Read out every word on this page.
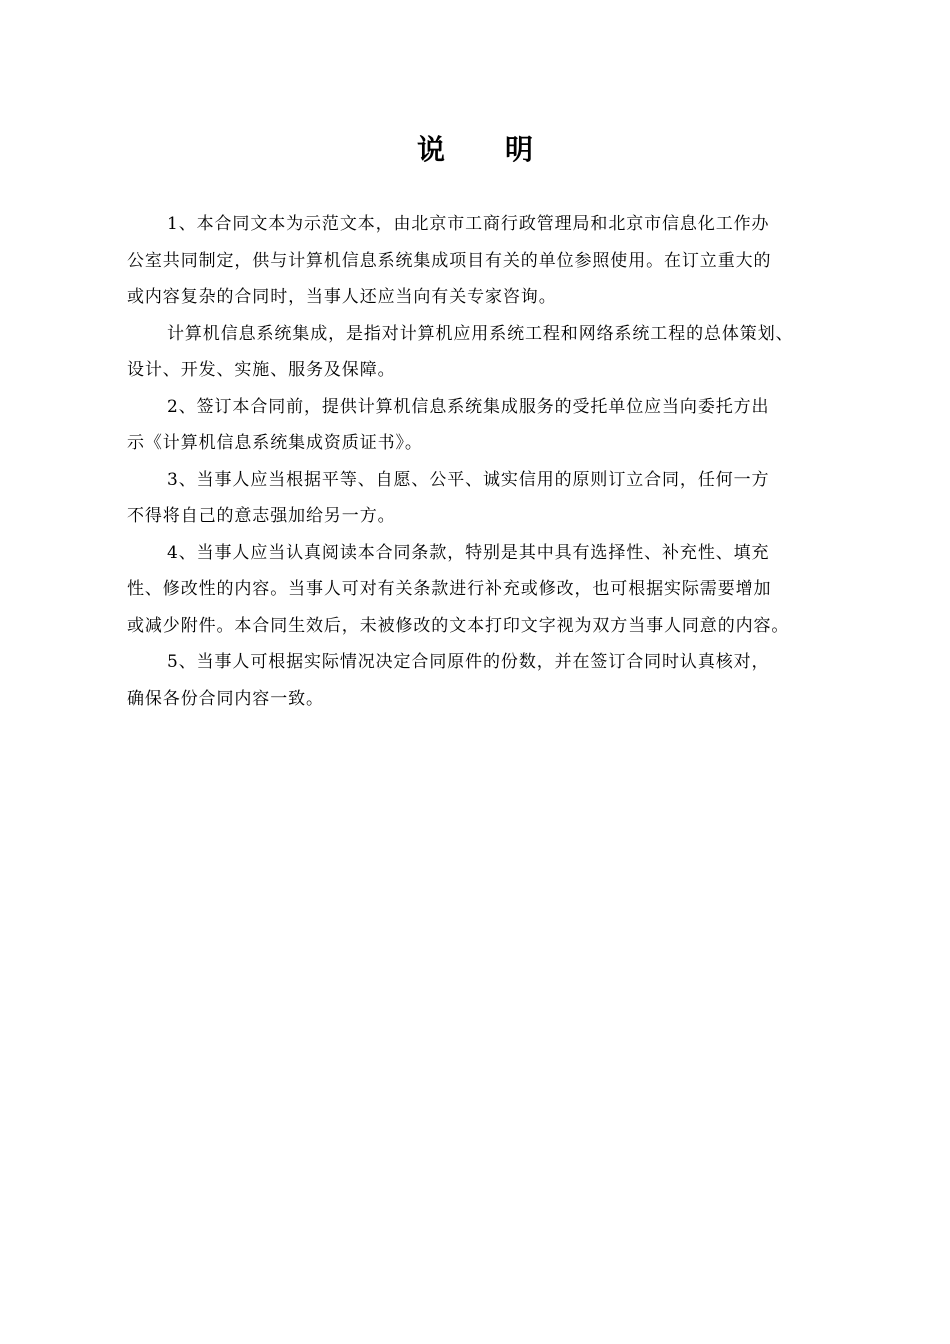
说明
1、本合同文本为示范文本，由北京市工商行政管理局和北京市信息化工作办
公室共同制定，供与计算机信息系统集成项目有关的单位参照使用。在订立重大的
或内容复杂的合同时，当事人还应当向有关专家咨询。
计算机信息系统集成，是指对计算机应用系统工程和网络系统工程的总体策划、
设计、开发、实施、服务及保障。
2、签订本合同前，提供计算机信息系统集成服务的受托单位应当向委托方出
示《计算机信息系统集成资质证书》。
3、当事人应当根据平等、自愿、公平、诚实信用的原则订立合同，任何一方
不得将自己的意志强加给另一方。
4、当事人应当认真阅读本合同条款，特别是其中具有选择性、补充性、填充
性、修改性的内容。当事人可对有关条款进行补充或修改，也可根据实际需要增加
或减少附件。本合同生效后，未被修改的文本打印文字视为双方当事人同意的内容。
5、当事人可根据实际情况决定合同原件的份数，并在签订合同时认真核对，
确保各份合同内容一致。
